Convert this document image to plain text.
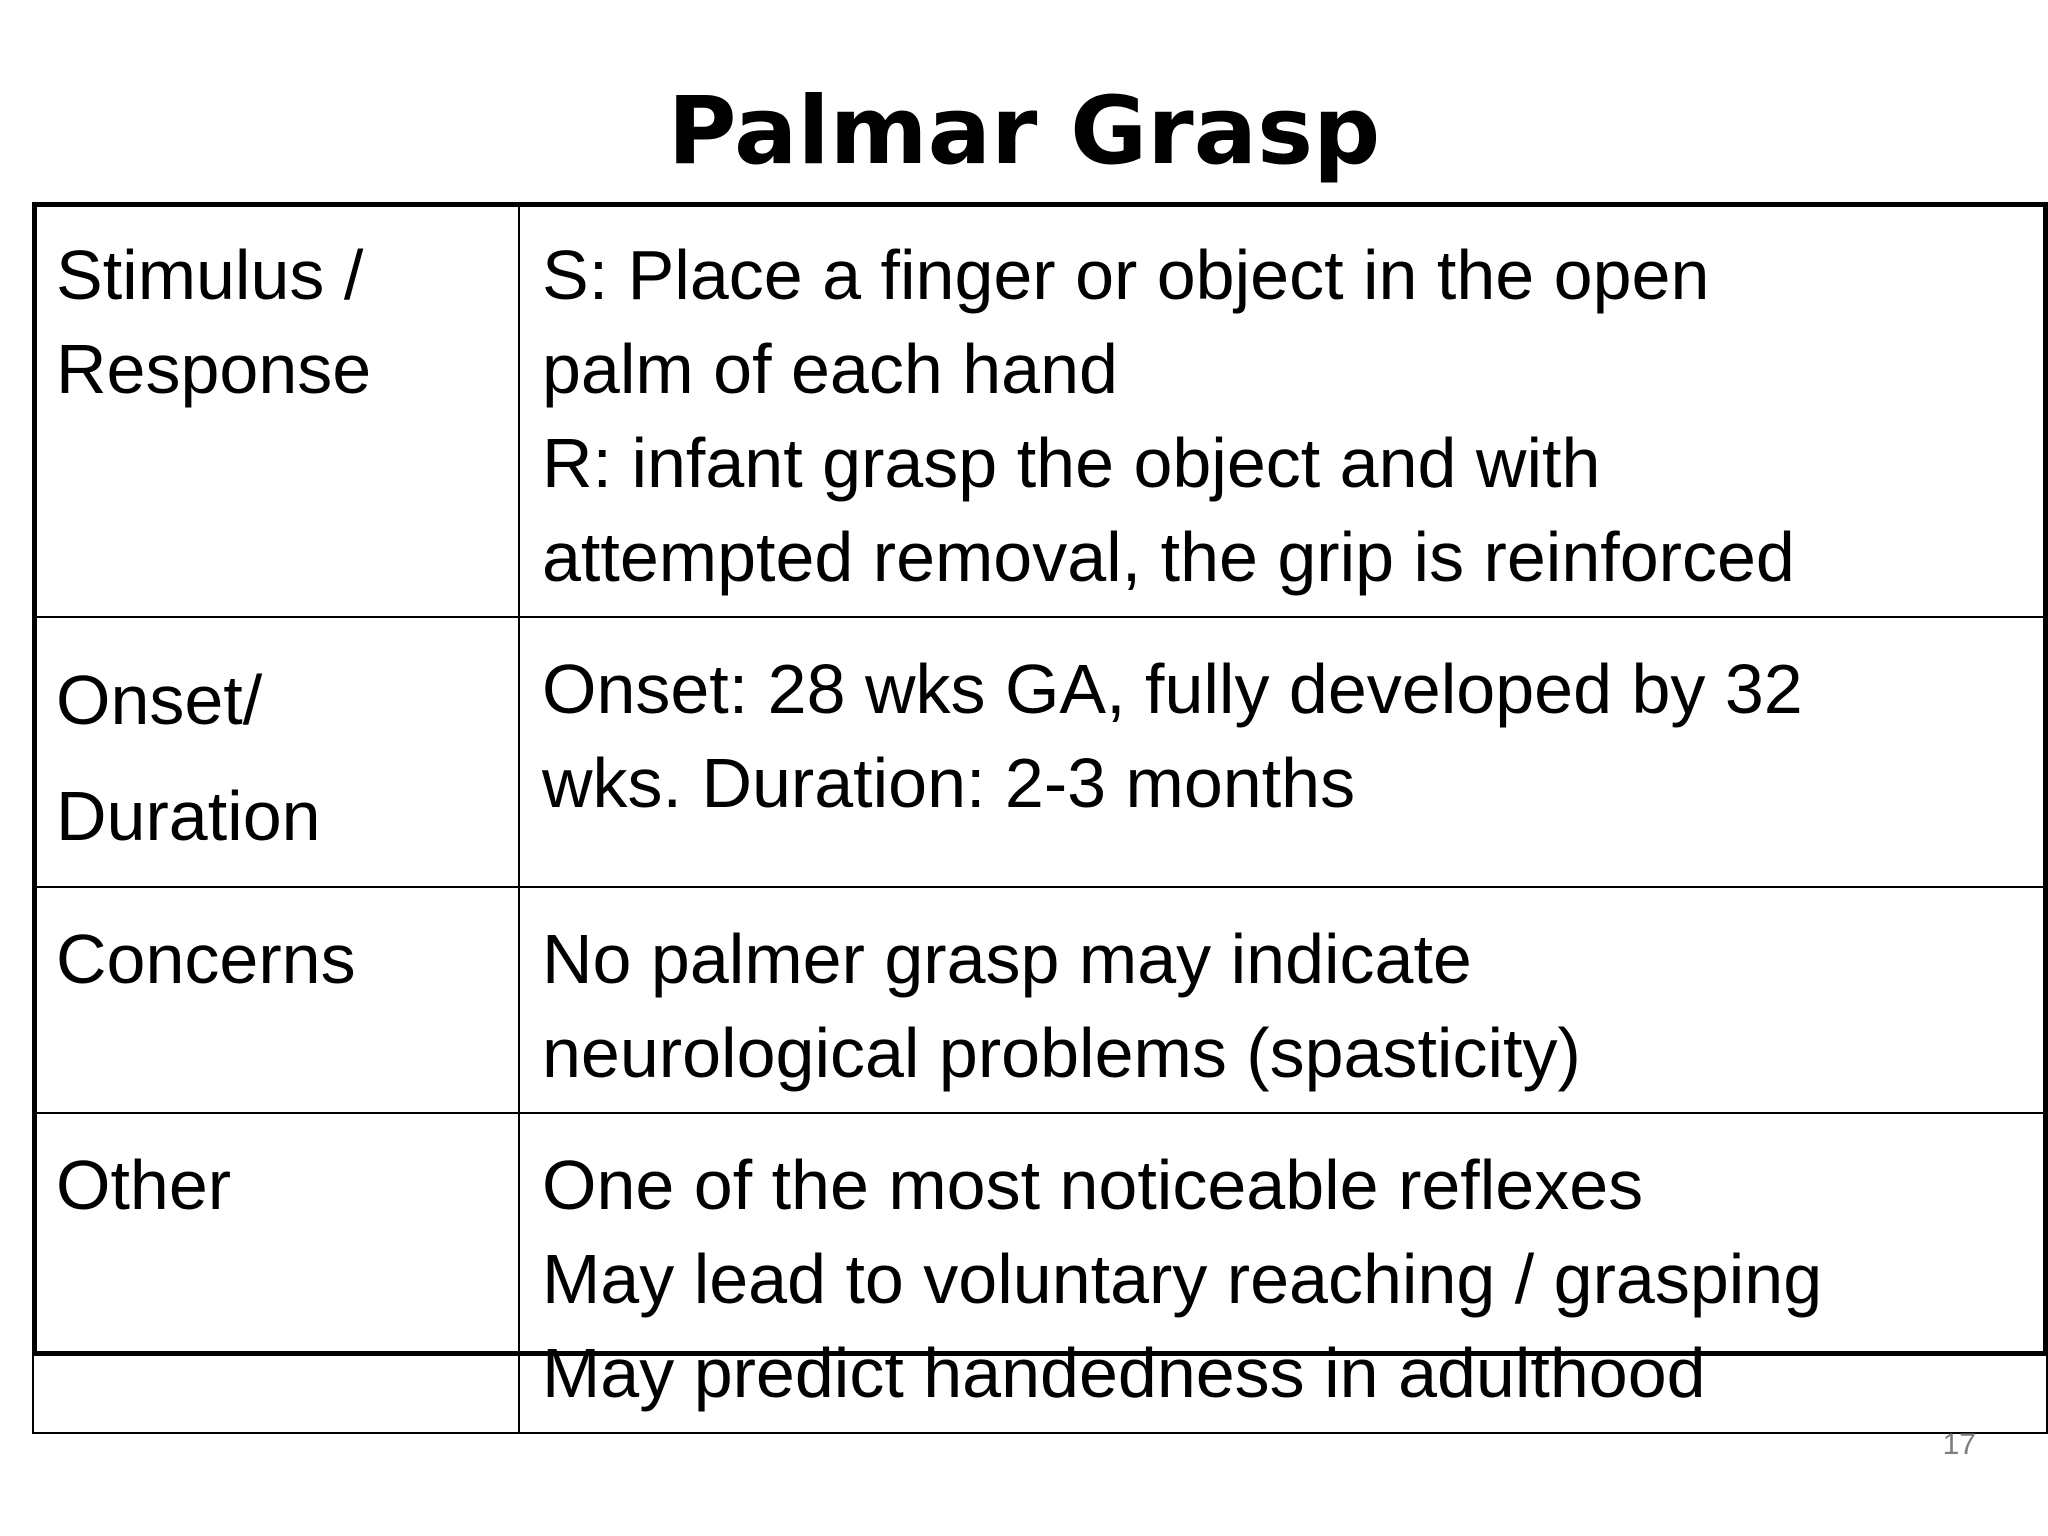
Palmar Grasp
Stimulus /
Response	S: Place a finger or object in the open
palm of each hand
R: infant grasp the object and with
attempted removal, the grip is reinforced

Onset/
Duration	Onset: 28 wks GA, fully developed by 32
wks. Duration: 2-3 months

Concerns	No palmer grasp may indicate
neurological problems (spasticity)

Other	One of the most noticeable reflexes
May lead to voluntary reaching / grasping
May predict handedness in adulthood
17
